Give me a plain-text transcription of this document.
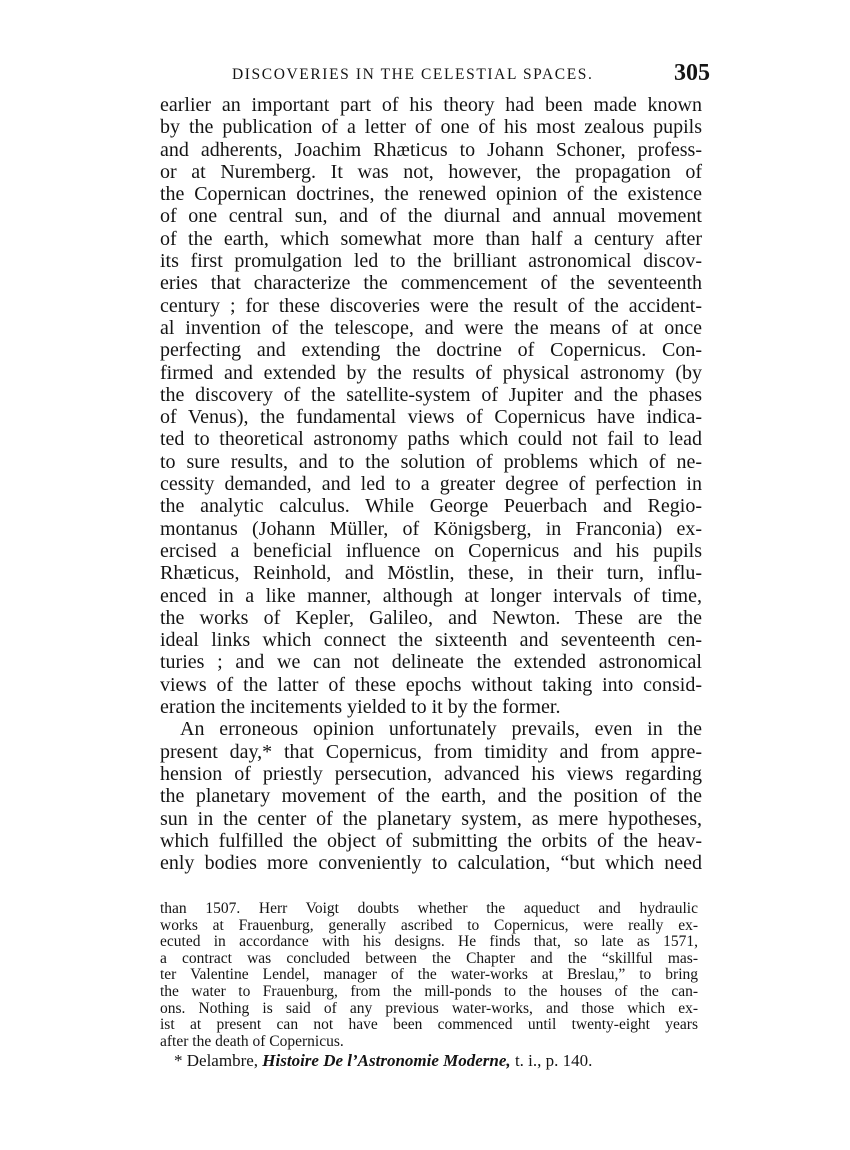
DISCOVERIES IN THE CELESTIAL SPACES.	305
earlier an important part of his theory had been made known
by the publication of a letter of one of his most zealous pupils
and adherents, Joachim Rhæticus to Johann Schoner, profess-
or at Nuremberg. It was not, however, the propagation of
the Copernican doctrines, the renewed opinion of the existence
of one central sun, and of the diurnal and annual movement
of the earth, which somewhat more than half a century after
its first promulgation led to the brilliant astronomical discov-
eries that characterize the commencement of the seventeenth
century ; for these discoveries were the result of the accident-
al invention of the telescope, and were the means of at once
perfecting and extending the doctrine of Copernicus. Con-
firmed and extended by the results of physical astronomy (by
the discovery of the satellite-system of Jupiter and the phases
of Venus), the fundamental views of Copernicus have indica-
ted to theoretical astronomy paths which could not fail to lead
to sure results, and to the solution of problems which of ne-
cessity demanded, and led to a greater degree of perfection in
the analytic calculus. While George Peuerbach and Regio-
montanus (Johann Müller, of Königsberg, in Franconia) ex-
ercised a beneficial influence on Copernicus and his pupils
Rhæticus, Reinhold, and Möstlin, these, in their turn, influ-
enced in a like manner, although at longer intervals of time,
the works of Kepler, Galileo, and Newton. These are the
ideal links which connect the sixteenth and seventeenth cen-
turies ; and we can not delineate the extended astronomical
views of the latter of these epochs without taking into consid-
eration the incitements yielded to it by the former.
An erroneous opinion unfortunately prevails, even in the
present day,* that Copernicus, from timidity and from appre-
hension of priestly persecution, advanced his views regarding
the planetary movement of the earth, and the position of the
sun in the center of the planetary system, as mere hypotheses,
which fulfilled the object of submitting the orbits of the heav-
enly bodies more conveniently to calculation, “but which need
than 1507. Herr Voigt doubts whether the aqueduct and hydraulic
works at Frauenburg, generally ascribed to Copernicus, were really ex-
ecuted in accordance with his designs. He finds that, so late as 1571,
a contract was concluded between the Chapter and the “skillful mas-
ter Valentine Lendel, manager of the water-works at Breslau,” to bring
the water to Frauenburg, from the mill-ponds to the houses of the can-
ons. Nothing is said of any previous water-works, and those which ex-
ist at present can not have been commenced until twenty-eight years
after the death of Copernicus.
* Delambre, Histoire De l’Astronomie Moderne, t. i., p. 140.
